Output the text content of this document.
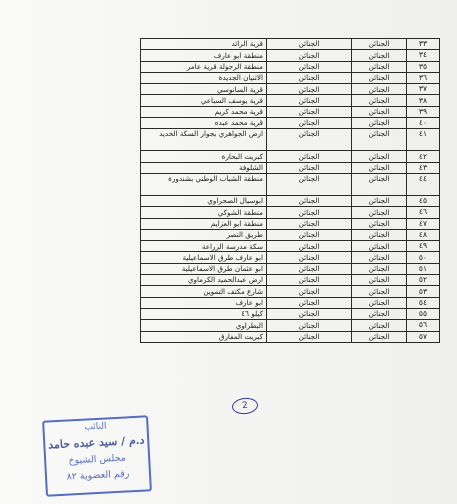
٣٣	الجنائن	الجنائن	قرية الرائد
٣٤	الجنائن	الجنائن	منطقة ابو عارف
٣٥	الجنائن	الجنائن	منطقة الرجولة قرية عامر
٣٦	الجنائن	الجنائن	الاثنيان الجديدة
٣٧	الجنائن	الجنائن	قرية السانوسي
٣٨	الجنائن	الجنائن	قرية يوسف السباعي
٣٩	الجنائن	الجنائن	قرية محمد كريم
٤٠	الجنائن	الجنائن	قرية محمد عبده
٤١	الجنائن	الجنائن	ارض الجواهري بجوار السكة الحديد
٤٢	الجنائن	الجنائن	كبريت البحارة
٤٣	الجنائن	الجنائن	الشلوفة
٤٤	الجنائن	الجنائن	منطقة الشباب الوطني بشندورة
٤٥	الجنائن	الجنائن	ابوسيال الصحراوي
٤٦	الجنائن	الجنائن	منطقة الشوكي
٤٧	الجنائن	الجنائن	منطقة ابو العزايم
٤٨	الجنائن	الجنائن	طريق النصر
٤٩	الجنائن	الجنائن	سكة مدرسة الزراعة
٥٠	الجنائن	الجنائن	ابو عارف طرق الاسماعيلية
٥١	الجنائن	الجنائن	ابو عثمان طرق الاسماعيلية
٥٢	الجنائن	الجنائن	ارض عبدالحميد الكرماوي
٥٣	الجنائن	الجنائن	شارع مكتف التموين
٥٤	الجنائن	الجنائن	ابو عارف
٥٥	الجنائن	الجنائن	كيلو ٤٦
٥٦	الجنائن	الجنائن	البطراوي
٥٧	الجنائن	الجنائن	كبريت المفارق
2
النائب
د.م / سيد عبده حامد
مجلس الشيوخ
رقم العضوية ٨٢
